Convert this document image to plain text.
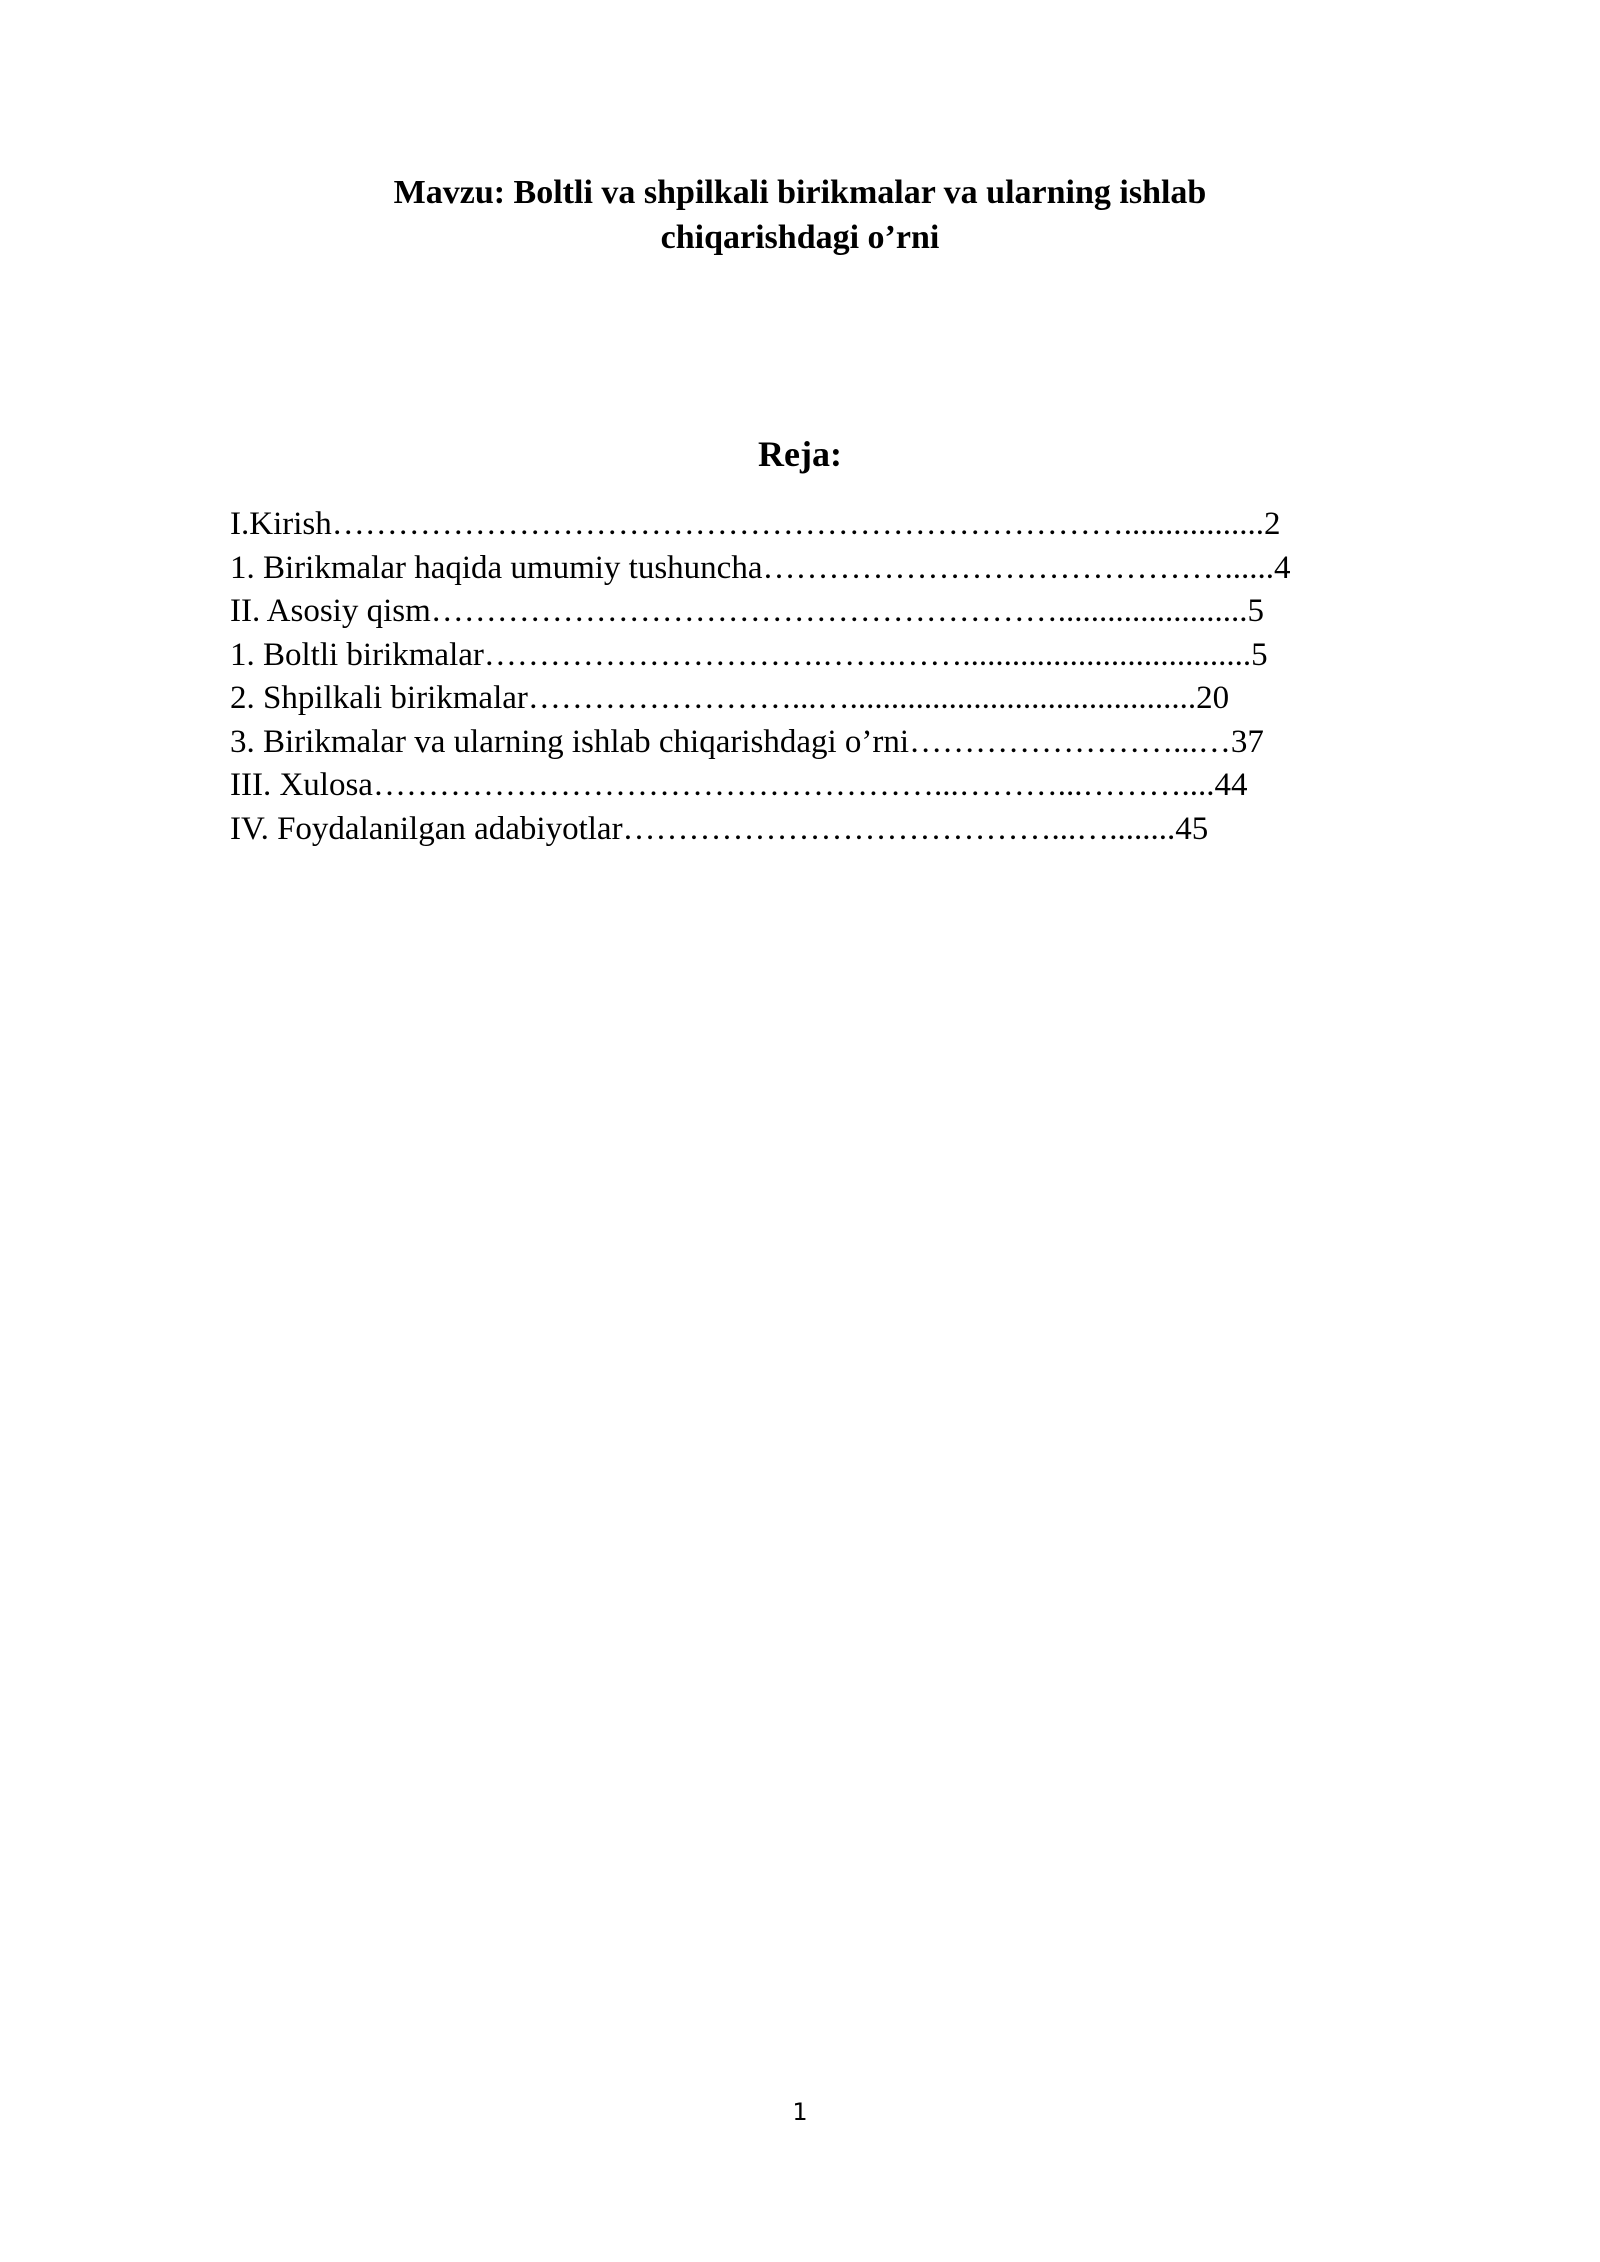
Mavzu: Boltli va shpilkali birikmalar va ularning ishlab
chiqarishdagi o’rni
Reja:
I.Kirish……………………………………………………………….................2
1. Birikmalar haqida umumiy tushuncha……………………………………......4
II. Asosiy qism………………………………………………….......................5
1. Boltli birikmalar………………………….…….……...................................5
2. Shpilkali birikmalar……………………...…..........................................20
3. Birikmalar va ularning ishlab chiqarishdagi o’rni……………………...…37
III. Xulosa……………………………………………...………...………....44
IV. Foydalanilgan adabiyotlar…………………………………...…........45
1
